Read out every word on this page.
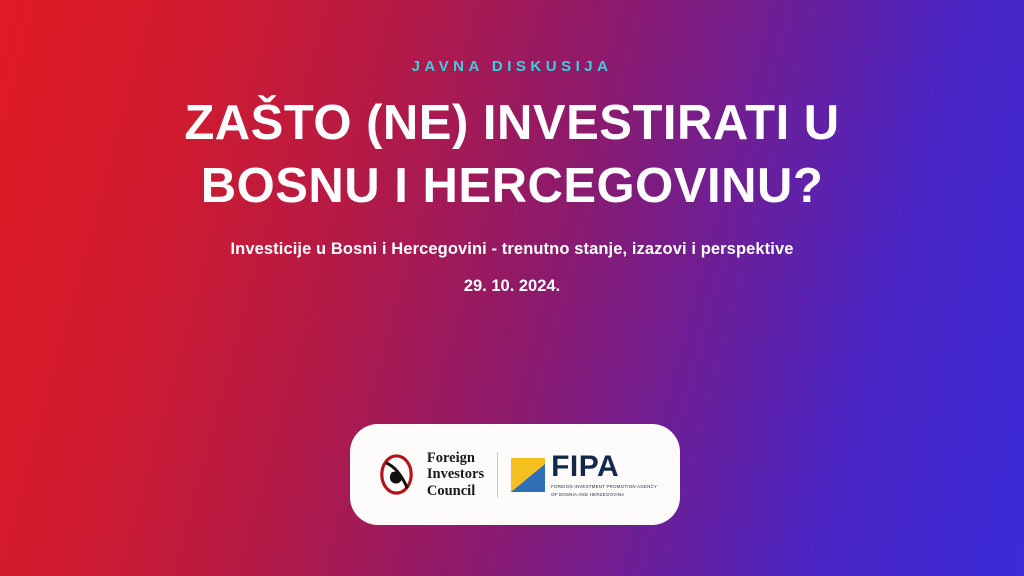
JAVNA DISKUSIJA
ZAŠTO (NE) INVESTIRATI U
BOSNU I HERCEGOVINU?
Investicije u Bosni i Hercegovini - trenutno stanje, izazovi i perspektive
29. 10. 2024.
Foreign
Investors
Council
FIPA
FOREIGN INVESTMENT PROMOTION AGENCY
OF BOSNIA AND HERZEGOVINA
